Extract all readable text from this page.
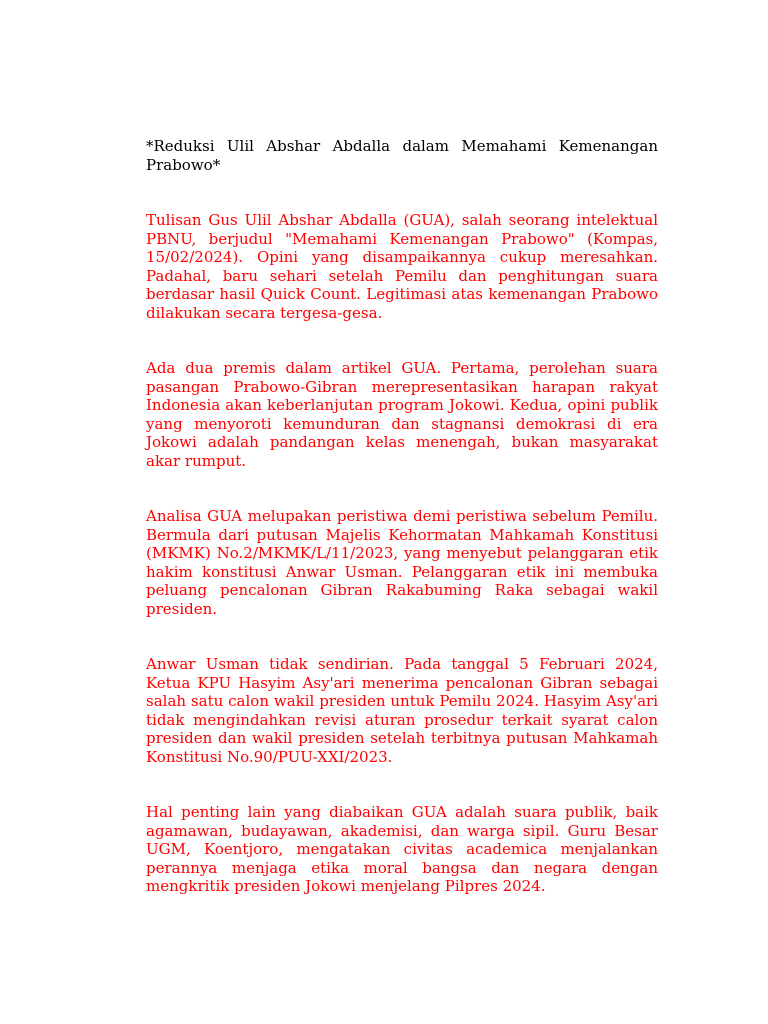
*Reduksi Ulil Abshar Abdalla dalam Memahami Kemenangan Prabowo*

Tulisan Gus Ulil Abshar Abdalla (GUA), salah seorang intelektual PBNU, berjudul "Memahami Kemenangan Prabowo" (Kompas, 15/02/2024). Opini yang disampaikannya cukup meresahkan. Padahal, baru sehari setelah Pemilu dan penghitungan suara berdasar hasil Quick Count. Legitimasi atas kemenangan Prabowo dilakukan secara tergesa-gesa.

Ada dua premis dalam artikel GUA. Pertama, perolehan suara pasangan Prabowo-Gibran merepresentasikan harapan rakyat Indonesia akan keberlanjutan program Jokowi. Kedua, opini publik yang menyoroti kemunduran dan stagnansi demokrasi di era Jokowi adalah pandangan kelas menengah, bukan masyarakat akar rumput.

Analisa GUA melupakan peristiwa demi peristiwa sebelum Pemilu. Bermula dari putusan Majelis Kehormatan Mahkamah Konstitusi (MKMK) No.2/MKMK/L/11/2023, yang menyebut pelanggaran etik hakim konstitusi Anwar Usman. Pelanggaran etik ini membuka peluang pencalonan Gibran Rakabuming Raka sebagai wakil presiden.

Anwar Usman tidak sendirian. Pada tanggal 5 Februari 2024, Ketua KPU Hasyim Asy'ari menerima pencalonan Gibran sebagai salah satu calon wakil presiden untuk Pemilu 2024. Hasyim Asy'ari tidak mengindahkan revisi aturan prosedur terkait syarat calon presiden dan wakil presiden setelah terbitnya putusan Mahkamah Konstitusi No.90/PUU-XXI/2023.

Hal penting lain yang diabaikan GUA adalah suara publik, baik agamawan, budayawan, akademisi, dan warga sipil. Guru Besar UGM, Koentjoro, mengatakan civitas academica menjalankan perannya menjaga etika moral bangsa dan negara dengan mengkritik presiden Jokowi menjelang Pilpres 2024.
